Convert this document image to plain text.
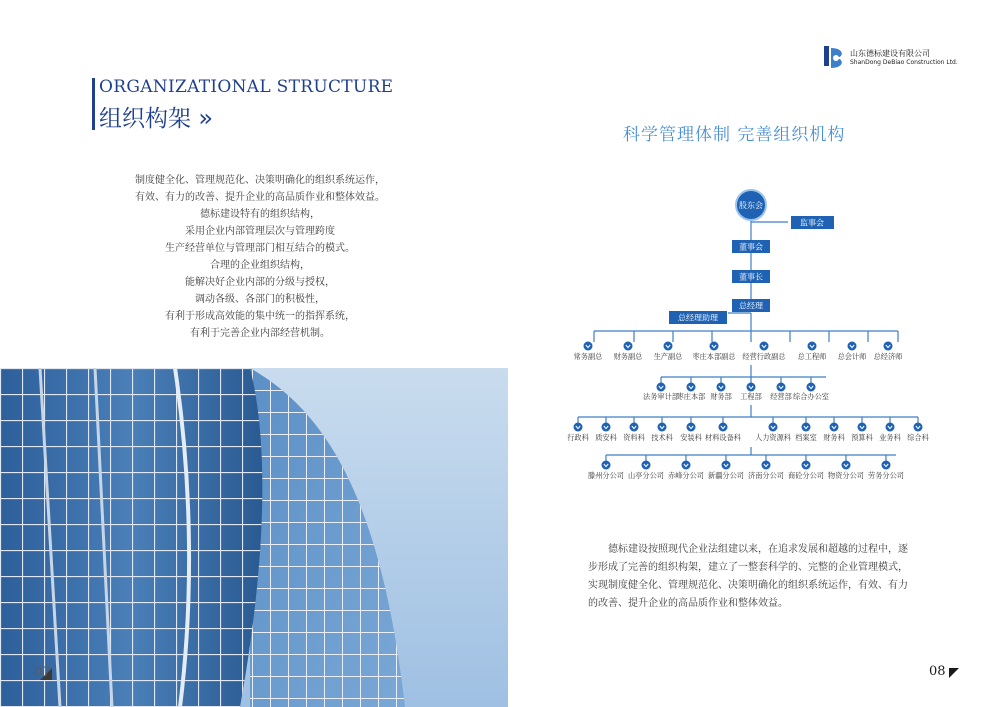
ORGANIZATIONAL STRUCTURE
组织构架 »
制度健全化、管理规范化、决策明确化的组织系统运作，
有效、有力的改善、提升企业的高品质作业和整体效益。
德标建设特有的组织结构，
采用企业内部管理层次与管理跨度
生产经营单位与管理部门相互结合的模式。
合理的企业组织结构，
能解决好企业内部的分级与授权，
调动各级、各部门的积极性，
有利于形成高效能的集中统一的指挥系统，
有利于完善企业内部经营机制。
07
山东德标建设有限公司
ShanDong DeBiao Construction Ltd.
科学管理体制 完善组织机构
股东会
监事会
董事会
董事长
总经理
总经理助理
常务副总 财务副总 生产副总 枣庄本部副总 经营行政副总 总工程师 总会计师 总经济师
法务审计部
枣庄本部 财务部 工程部 经营部 综合办公室
行政科 质安科 资料科 技术科 安装科 材料设备科 人力资源科 档案室 财务科 预算科 业务科 综合科
滕州分公司 山亭分公司 赤峰分公司 新疆分公司 济南分公司 商砼分公司 物资分公司 劳务分公司
　　德标建设按照现代企业法组建以来，在追求发展和超越的过程中，逐
步形成了完善的组织构架，建立了一整套科学的、完整的企业管理模式，
实现制度健全化、管理规范化、决策明确化的组织系统运作，有效、有力
的改善、提升企业的高品质作业和整体效益。
08
